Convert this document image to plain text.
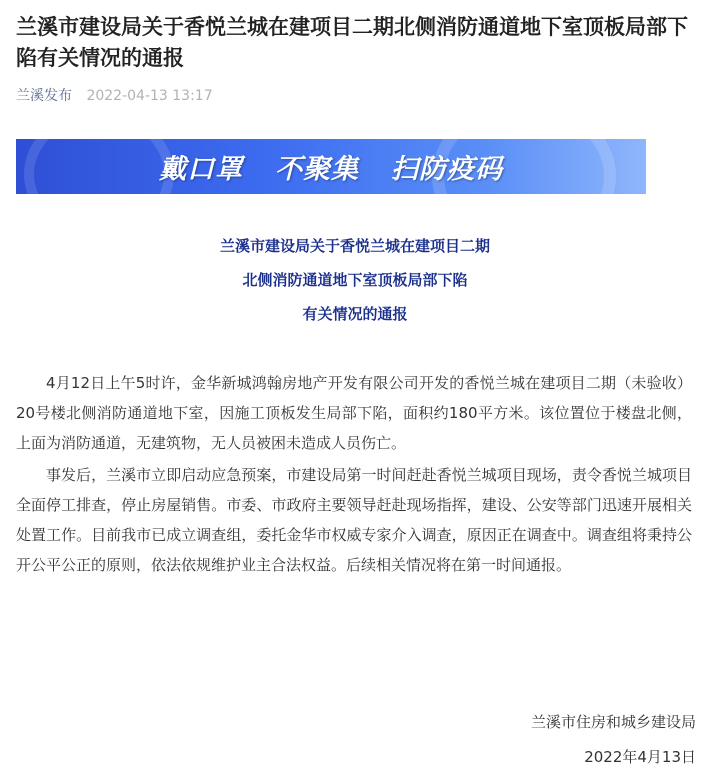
兰溪市建设局关于香悦兰城在建项目二期北侧消防通道地下室顶板局部下陷有关情况的通报
兰溪发布 2022-04-13 13:17
戴口罩 不聚集 扫防疫码
兰溪市建设局关于香悦兰城在建项目二期
北侧消防通道地下室顶板局部下陷
有关情况的通报

4月12日上午5时许，金华新城鸿翰房地产开发有限公司开发的香悦兰城在建项目二期（未验收）20号楼北侧消防通道地下室，因施工顶板发生局部下陷，面积约180平方米。该位置位于楼盘北侧，上面为消防通道，无建筑物，无人员被困未造成人员伤亡。

事发后，兰溪市立即启动应急预案，市建设局第一时间赶赴香悦兰城项目现场，责令香悦兰城项目全面停工排查，停止房屋销售。市委、市政府主要领导赶赴现场指挥，建设、公安等部门迅速开展相关处置工作。目前我市已成立调查组，委托金华市权威专家介入调查，原因正在调查中。调查组将秉持公开公平公正的原则，依法依规维护业主合法权益。后续相关情况将在第一时间通报。

兰溪市住房和城乡建设局
2022年4月13日
